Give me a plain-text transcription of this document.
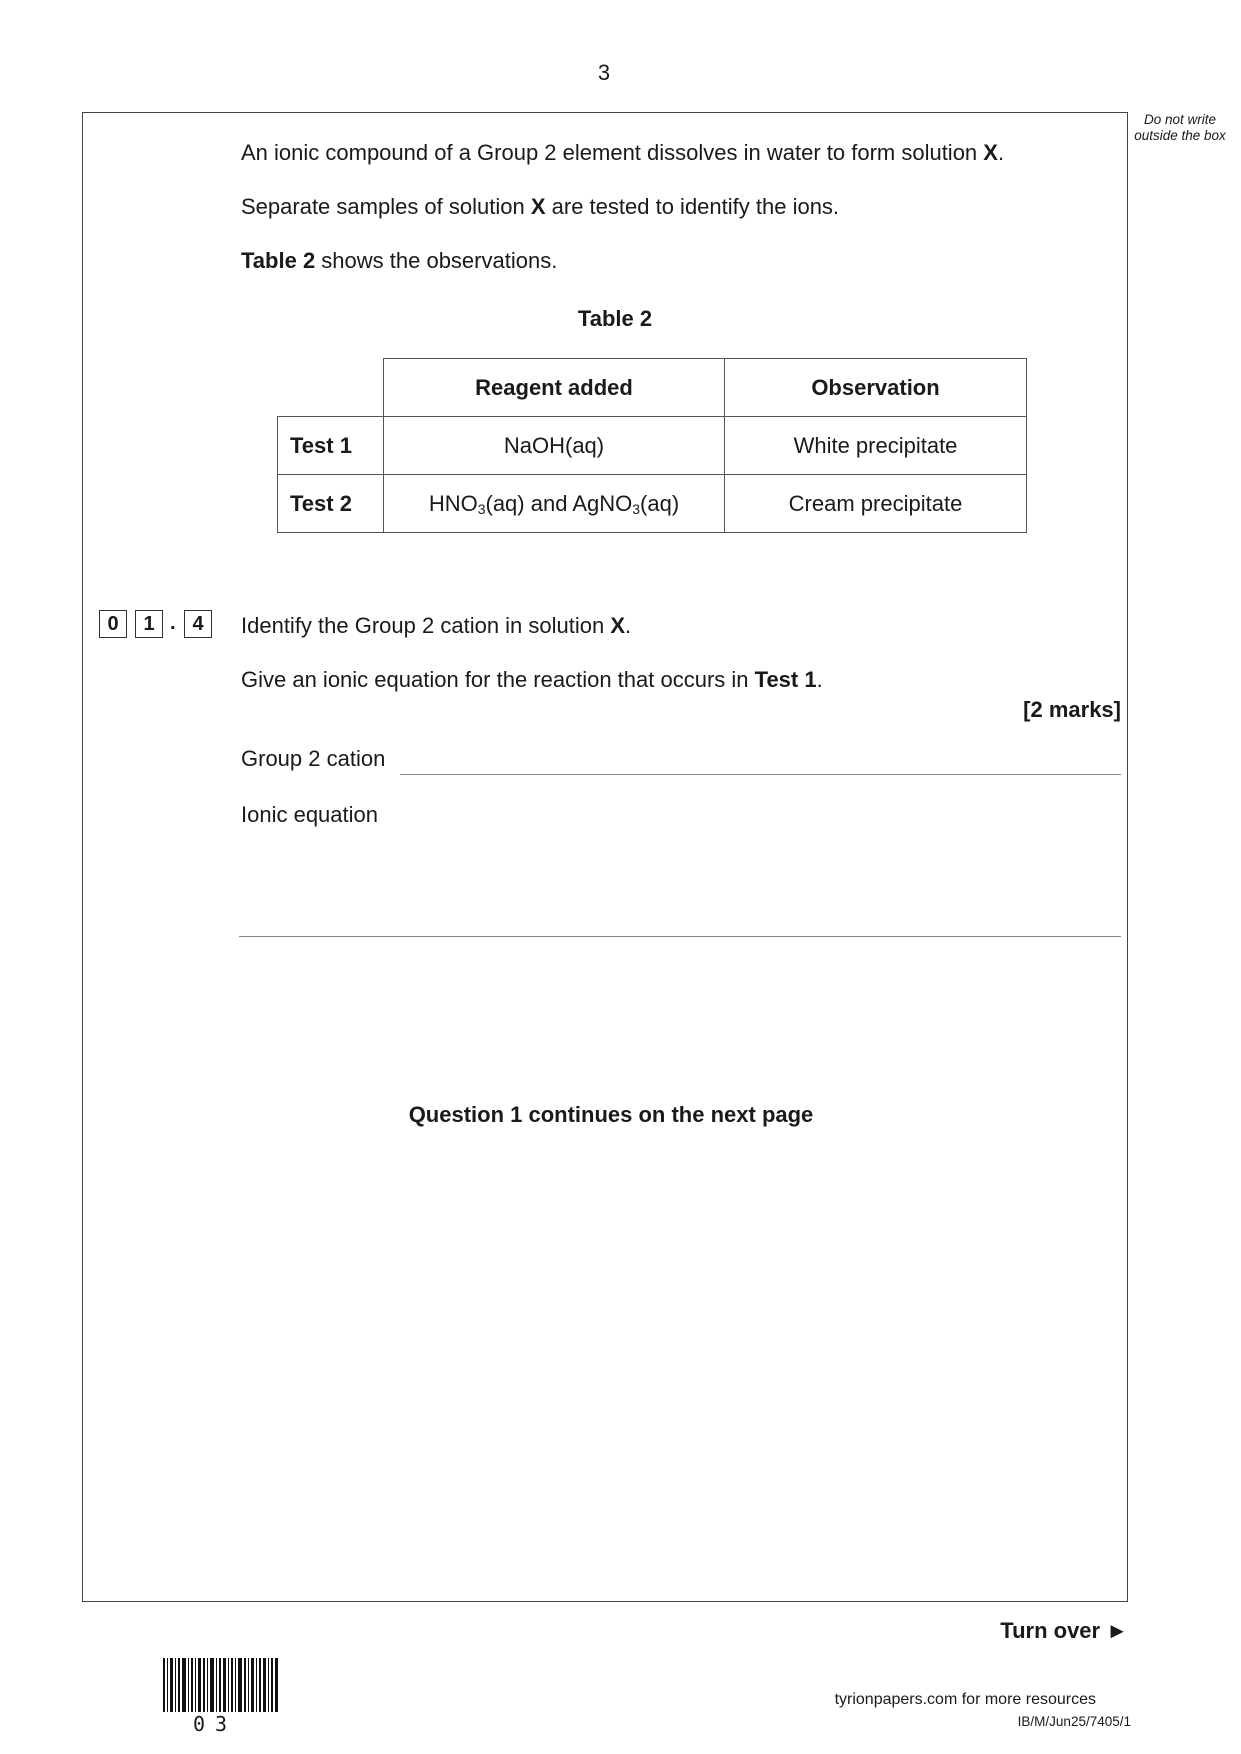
3
Do not write outside the box
An ionic compound of a Group 2 element dissolves in water to form solution X.
Separate samples of solution X are tested to identify the ions.
Table 2 shows the observations.
Table 2
	Reagent added	Observation
Test 1	NaOH(aq)	White precipitate
Test 2	$HNO_3(aq)$ and AgNO$_3$(aq)	Cream precipitate
0	1 . 4	Identify the Group 2 cation in solution X.
Give an ionic equation for the reaction that occurs in Test 1.
[2 marks]
Group 2 cation
Ionic equation
Question 1 continues on the next page
Turn over ►
03
tyrionpapers.com for more resources
IB/M/Jun25/7405/1
